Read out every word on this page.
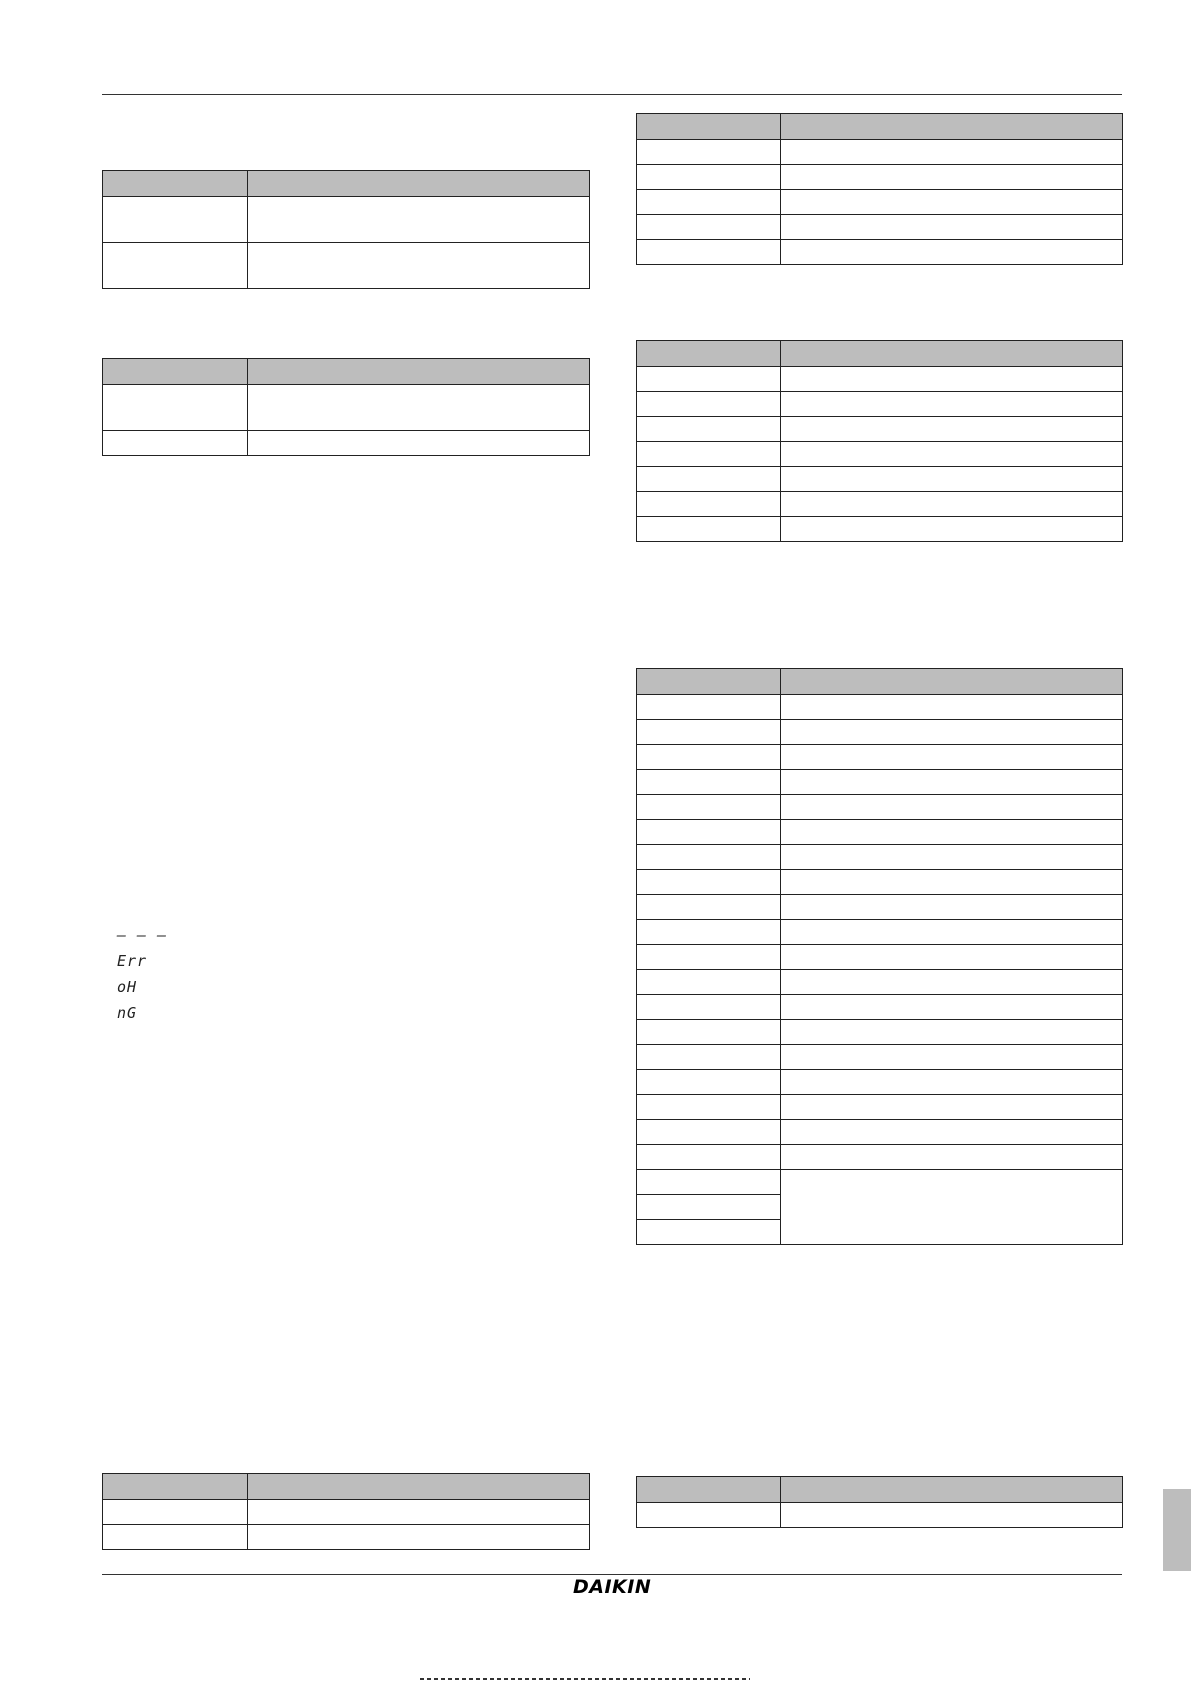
– – –
Err
oH
nG

DAIKIN
